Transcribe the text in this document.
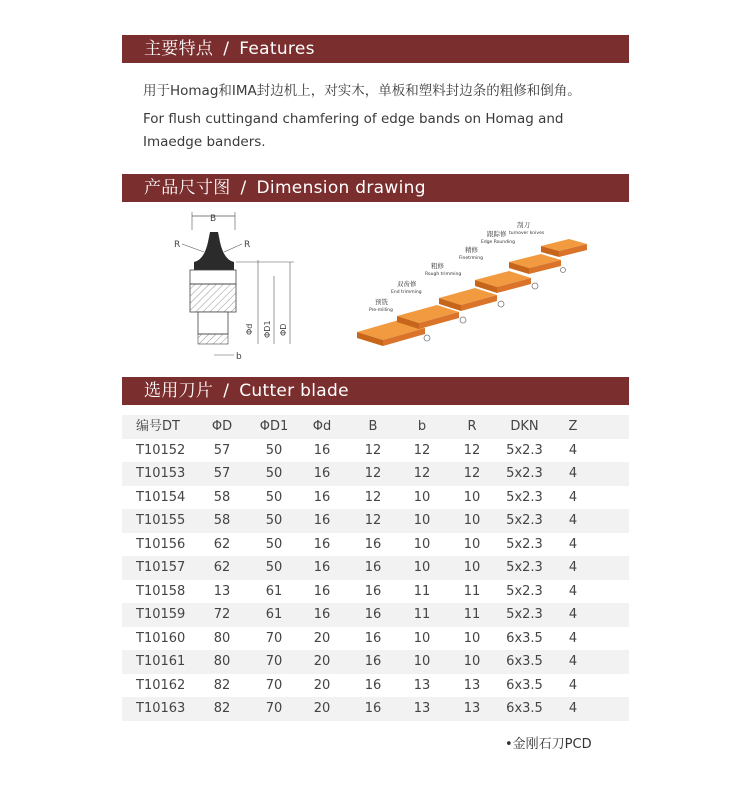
主要特点 / Features
用于Homag和IMA封边机上，对实木，单板和塑料封边条的粗修和倒角。
For flush cuttingand chamfering of edge bands on Homag and Imaedge banders.
产品尺寸图 / Dimension drawing
B
R	R
Φd ΦD1 ΦD
b
预铣
Pre-milling
双齿修
End trimming
粗修
Rough trimming
精修
Finetrming
跟踪修
Edge Rounding
刮刀
turnover knives
选用刀片 / Cutter blade
编号DT	ΦD	ΦD1	Φd	B	b	R	DKN	Z
T10152	57	50	16	12	12	12	5x2.3	4
T10153	57	50	16	12	12	12	5x2.3	4
T10154	58	50	16	12	10	10	5x2.3	4
T10155	58	50	16	12	10	10	5x2.3	4
T10156	62	50	16	16	10	10	5x2.3	4
T10157	62	50	16	16	10	10	5x2.3	4
T10158	13	61	16	16	11	11	5x2.3	4
T10159	72	61	16	16	11	11	5x2.3	4
T10160	80	70	20	16	10	10	6x3.5	4
T10161	80	70	20	16	10	10	6x3.5	4
T10162	82	70	20	16	13	13	6x3.5	4
T10163	82	70	20	16	13	13	6x3.5	4
•金刚石刀PCD
